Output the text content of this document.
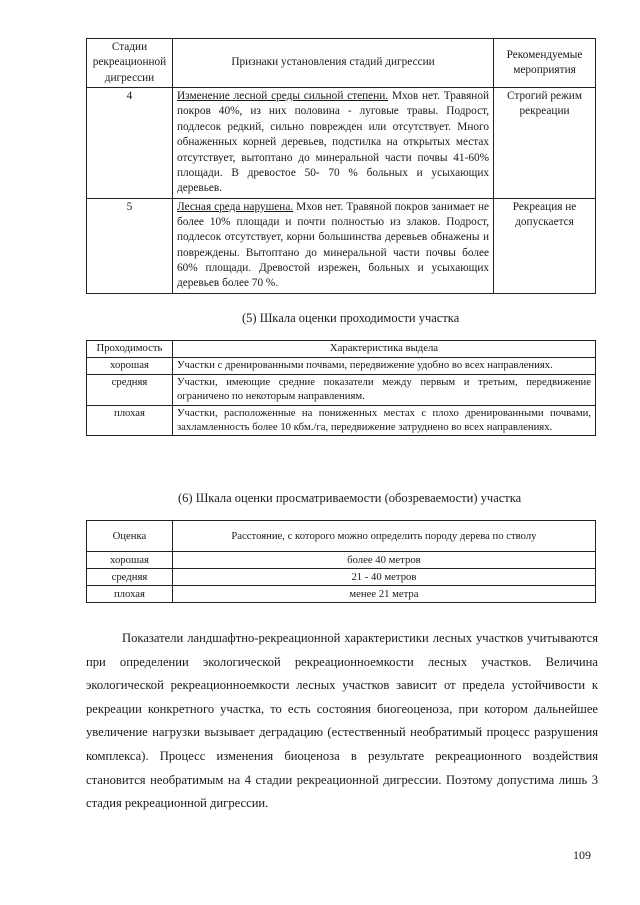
Стадии рекреационной дигрессии	Признаки установления стадий дигрессии	Рекомендуемые мероприятия
4	Изменение лесной среды сильной степени. Мхов нет. Травяной покров 40%, из них половина - луговые травы. Подрост, подлесок редкий, сильно поврежден или отсутствует. Много обнаженных корней деревьев, подстилка на открытых местах отсутствует, вытоптано до минеральной части почвы 41-60% площади. В древостое 50- 70 % больных и усыхающих деревьев.	Строгий режим рекреации
5	Лесная среда нарушена. Мхов нет. Травяной покров занимает не более 10% площади и почти полностью из злаков. Подрост, подлесок отсутствует, корни большинства деревьев обнажены и повреждены. Вытоптано до минеральной части почвы более 60% площади. Древостой изрежен, больных и усыхающих деревьев более 70 %.	Рекреация не допускается
(5) Шкала оценки проходимости участка
Проходимость	Характеристика выдела
хорошая	Участки с дренированными почвами, передвижение удобно во всех направлениях.
средняя	Участки, имеющие средние показатели между первым и третьим, передвижение ограничено по некоторым направлениям.
плохая	Участки, расположенные на пониженных местах с плохо дренированными почвами, захламленность более 10 кбм./га, передвижение затруднено во всех направлениях.
(6) Шкала оценки просматриваемости (обозреваемости) участка
Оценка	Расстояние, с которого можно определить породу дерева по стволу
хорошая	более 40 метров
средняя	21 - 40 метров
плохая	менее 21 метра
Показатели ландшафтно-рекреационной характеристики лесных участков учитываются при определении экологической рекреационноемкости лесных участков. Величина экологической рекреационноемкости лесных участков зависит от предела устойчивости к рекреации конкретного участка, то есть состояния биогеоценоза, при котором дальнейшее увеличение нагрузки вызывает деградацию (естественный необратимый процесс разрушения комплекса). Процесс изменения биоценоза в результате рекреационного воздействия становится необратимым на 4 стадии рекреационной дигрессии. Поэтому допустима лишь 3 стадия рекреационной дигрессии.
109
